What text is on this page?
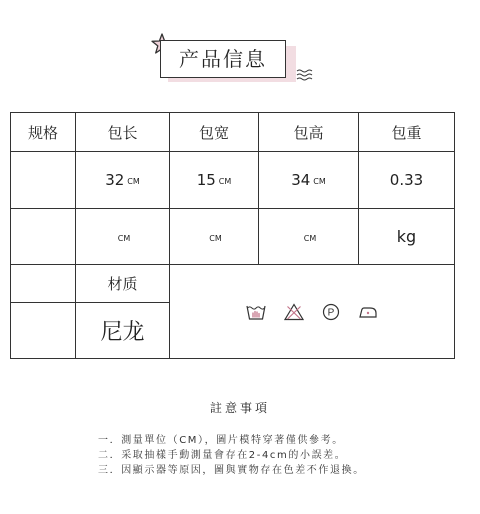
产品信息
规格	包长	包宽	包高	包重
	32 CM	15 CM	34 CM	0.33
	CM	CM	CM	kg
	材质	P		

	尼龙			
註意事項
一．測量單位（CM），圖片模特穿著僅供參考。
二．采取抽樣手動測量會存在2-4cm的小誤差。
三．因顯示器等原因，圖與實物存在色差不作退換。
